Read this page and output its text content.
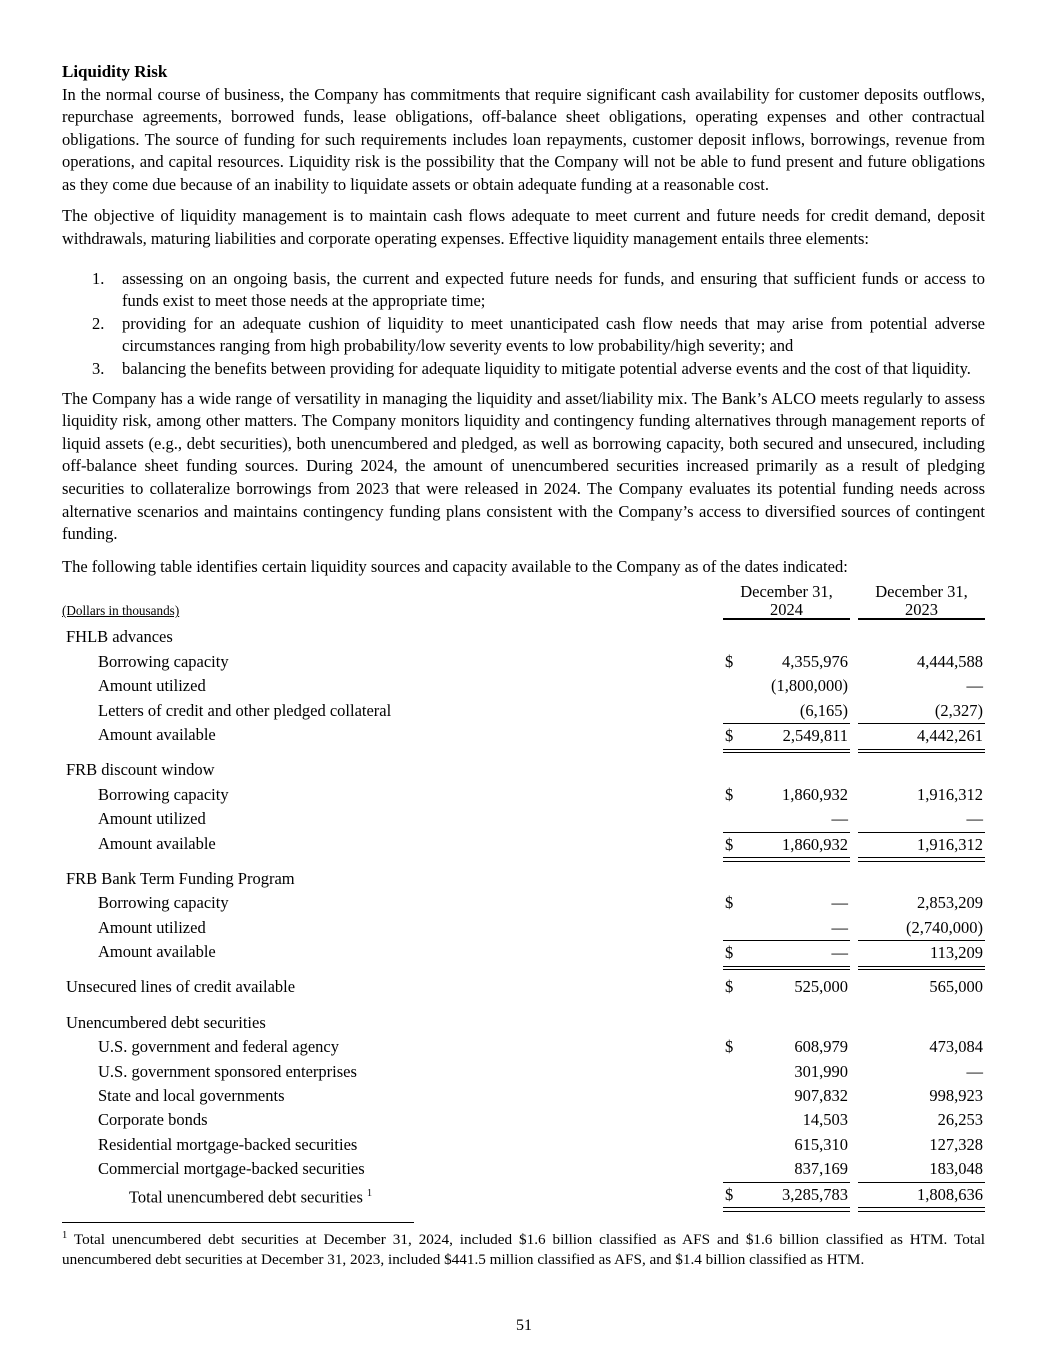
Liquidity Risk

In the normal course of business, the Company has commitments that require significant cash availability for customer deposits outflows, repurchase agreements, borrowed funds, lease obligations, off-balance sheet obligations, operating expenses and other contractual obligations. The source of funding for such requirements includes loan repayments, customer deposit inflows, borrowings, revenue from operations, and capital resources. Liquidity risk is the possibility that the Company will not be able to fund present and future obligations as they come due because of an inability to liquidate assets or obtain adequate funding at a reasonable cost.

The objective of liquidity management is to maintain cash flows adequate to meet current and future needs for credit demand, deposit withdrawals, maturing liabilities and corporate operating expenses. Effective liquidity management entails three elements:

1.	assessing on an ongoing basis, the current and expected future needs for funds, and ensuring that sufficient funds or access to funds exist to meet those needs at the appropriate time;
2.	providing for an adequate cushion of liquidity to meet unanticipated cash flow needs that may arise from potential adverse circumstances ranging from high probability/low severity events to low probability/high severity; and
3.	balancing the benefits between providing for adequate liquidity to mitigate potential adverse events and the cost of that liquidity.

The Company has a wide range of versatility in managing the liquidity and asset/liability mix. The Bank’s ALCO meets regularly to assess liquidity risk, among other matters. The Company monitors liquidity and contingency funding alternatives through management reports of liquid assets (e.g., debt securities), both unencumbered and pledged, as well as borrowing capacity, both secured and unsecured, including off-balance sheet funding sources. During 2024, the amount of unencumbered securities increased primarily as a result of pledging securities to collateralize borrowings from 2023 that were released in 2024. The Company evaluates its potential funding needs across alternative scenarios and maintains contingency funding plans consistent with the Company’s access to diversified sources of contingent funding.

The following table identifies certain liquidity sources and capacity available to the Company as of the dates indicated:

(Dollars in thousands)
December 31,
2024
December 31,
2023
FHLB advances
Borrowing capacity	$	4,355,976	4,444,588
Amount utilized	(1,800,000)	—
Letters of credit and other pledged collateral	(6,165)	(2,327)
Amount available	$	2,549,811	4,442,261
FRB discount window
Borrowing capacity	$	1,860,932	1,916,312
Amount utilized	—	—
Amount available	$	1,860,932	1,916,312
FRB Bank Term Funding Program
Borrowing capacity	$	—	2,853,209
Amount utilized	—	(2,740,000)
Amount available	$	—	113,209
Unsecured lines of credit available	$	525,000	565,000
Unencumbered debt securities
U.S. government and federal agency	$	608,979	473,084
U.S. government sponsored enterprises	301,990	—
State and local governments	907,832	998,923
Corporate bonds	14,503	26,253
Residential mortgage-backed securities	615,310	127,328
Commercial mortgage-backed securities	837,169	183,048
Total unencumbered debt securities $^1$	$	3,285,783	1,808,636

$^1$ Total unencumbered debt securities at December 31, 2024, included $1.6 billion classified as AFS and $1.6 billion classified as HTM. Total unencumbered debt securities at December 31, 2023, included $441.5 million classified as AFS, and $1.4 billion classified as HTM.

51
